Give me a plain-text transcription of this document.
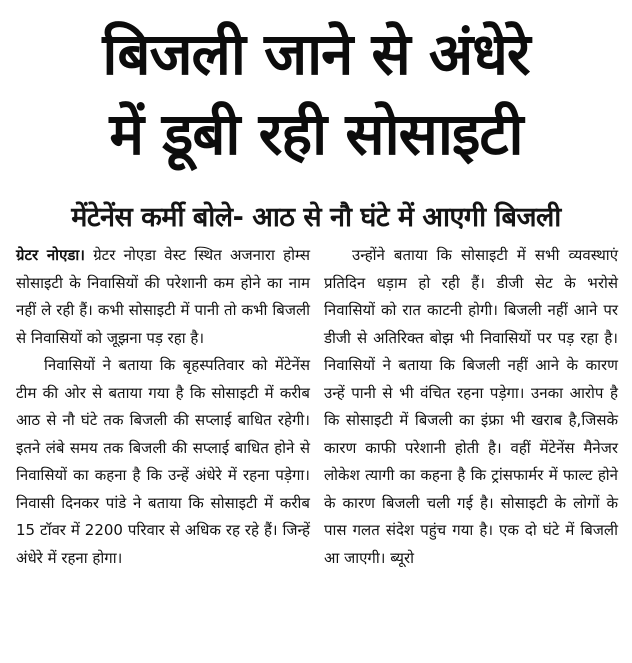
बिजली जाने से अंधेरे
में डूबी रही सोसाइटी
मेंटेनेंस कर्मी बोले- आठ से नौ घंटे में आएगी बिजली

ग्रेटर नोएडा। ग्रेटर नोएडा वेस्ट स्थित अजनारा होम्स सोसाइटी के निवासियों की परेशानी कम होने का नाम नहीं ले रही हैं। कभी सोसाइटी में पानी तो कभी बिजली से निवासियों को जूझना पड़ रहा है।

निवासियों ने बताया कि बृहस्पतिवार को मेंटेनेंस टीम की ओर से बताया गया है कि सोसाइटी में करीब आठ से नौ घंटे तक बिजली की सप्लाई बाधित रहेगी। इतने लंबे समय तक बिजली की सप्लाई बाधित होने से निवासियों का कहना है कि उन्हें अंधेरे में रहना पड़ेगा। निवासी दिनकर पांडे ने बताया कि सोसाइटी में करीब 15 टॉवर में 2200 परिवार से अधिक रह रहे हैं। जिन्हें अंधेरे में रहना होगा।

उन्होंने बताया कि सोसाइटी में सभी व्यवस्थाएं प्रतिदिन धड़ाम हो रही हैं। डीजी सेट के भरोसे निवासियों को रात काटनी होगी। बिजली नहीं आने पर डीजी से अतिरिक्त बोझ भी निवासियों पर पड़ रहा है। निवासियों ने बताया कि बिजली नहीं आने के कारण उन्हें पानी से भी वंचित रहना पड़ेगा। उनका आरोप है कि सोसाइटी में बिजली का इंफ्रा भी खराब है,जिसके कारण काफी परेशानी होती है। वहीं मेंटेनेंस मैनेजर लोकेश त्यागी का कहना है कि ट्रांसफार्मर में फाल्ट होने के कारण बिजली चली गई है। सोसाइटी के लोगों के पास गलत संदेश पहुंच गया है। एक दो घंटे में बिजली आ जाएगी। ब्यूरो
